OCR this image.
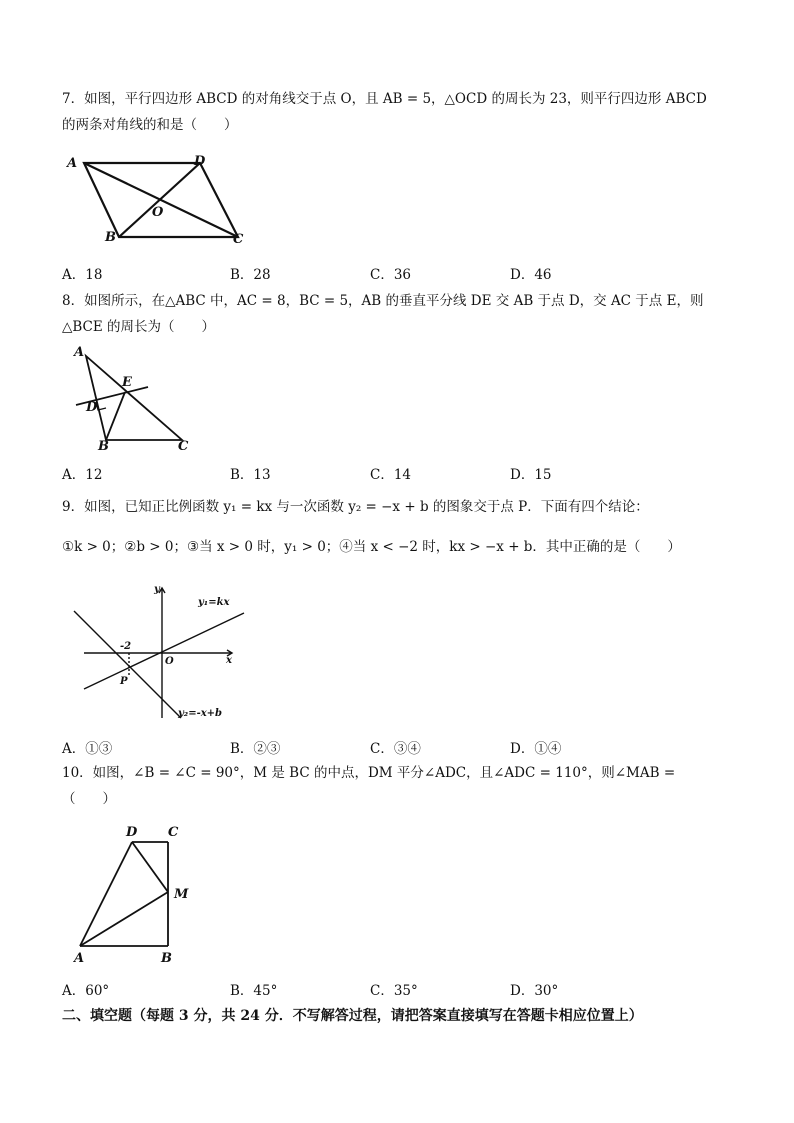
7．如图，平行四边形 ABCD 的对角线交于点 O，且 AB = 5，△OCD 的周长为 23，则平行四边形 ABCD
的两条对角线的和是（　　）
A	D
O
B	C
A．18	B．28	C．36	D．46
8．如图所示，在△ABC 中，AC = 8，BC = 5，AB 的垂直平分线 DE 交 AB 于点 D，交 AC 于点 E，则
△BCE 的周长为（　　）
A
E
D
B	C
A．12	B．13	C．14	D．15
9．如图，已知正比例函数 y₁ = kx 与一次函数 y₂ = −x + b 的图象交于点 P．下面有四个结论：
①k > 0；②b > 0；③当 x > 0 时，y₁ > 0；④当 x < −2 时，kx > −x + b．其中正确的是（　　）
y
x
O
-2
P
y₁=kx
y₂=-x+b
A．①③	B．②③	C．③④	D．①④
10．如图，∠B = ∠C = 90°，M 是 BC 的中点，DM 平分∠ADC，且∠ADC = 110°，则∠MAB =
（　　）
D C
M
A	B
A．60°	B．45°	C．35°	D．30°
二、填空题（每题 3 分，共 24 分．不写解答过程，请把答案直接填写在答题卡相应位置上）
